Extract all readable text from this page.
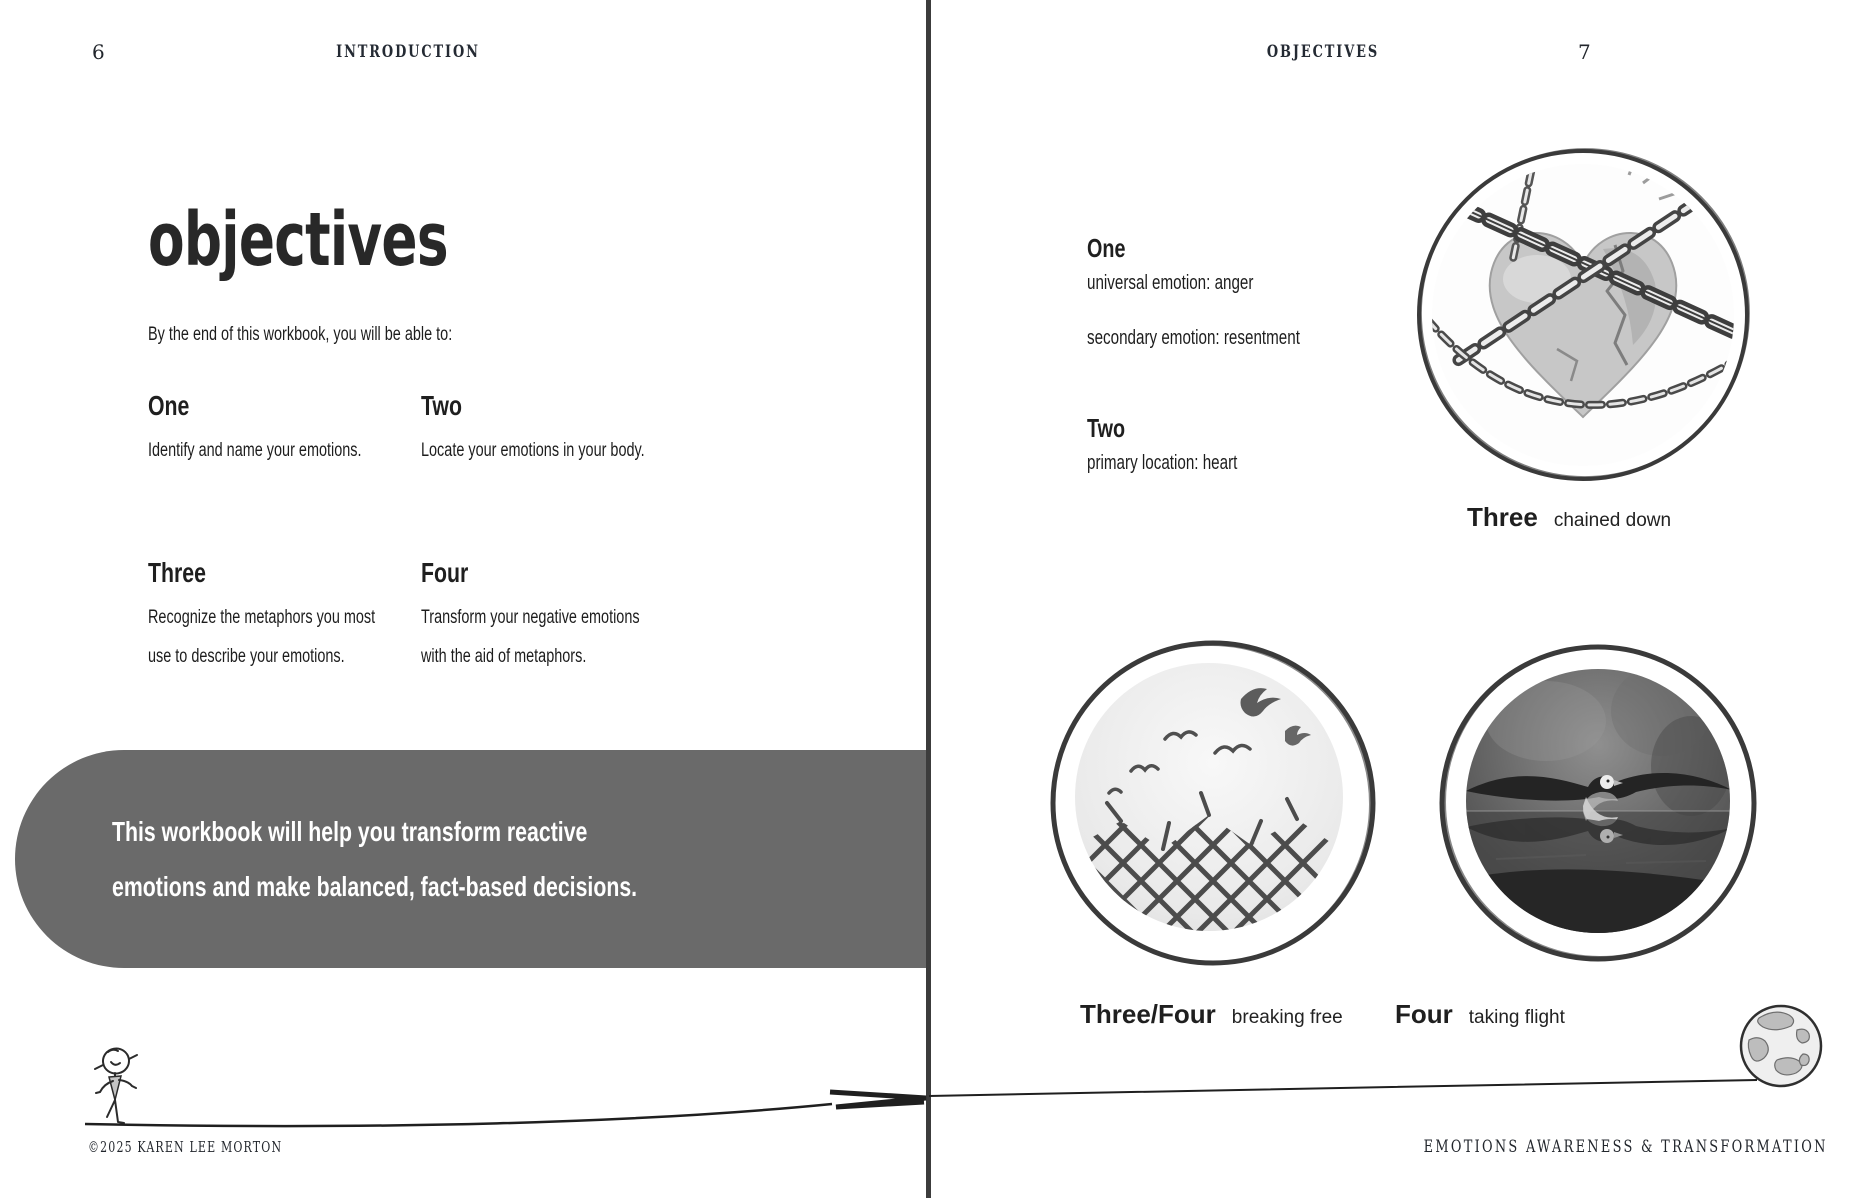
6	INTRODUCTION
objectives

By the end of this workbook, you will be able to:

One
Identify and name your emotions.
Two
Locate your emotions in your body.
Three
Recognize the metaphors you most
use to describe your emotions.
Four
Transform your negative emotions
with the aid of metaphors.
This workbook will help you transform reactive
emotions and make balanced, fact-based decisions.
©2025 KAREN LEE MORTON
OBJECTIVES	7
One
universal emotion: anger
secondary emotion: resentment
Two
primary location: heart
Three chained down
Three/Four breaking free Four taking flight
EMOTIONS AWARENESS & TRANSFORMATION
